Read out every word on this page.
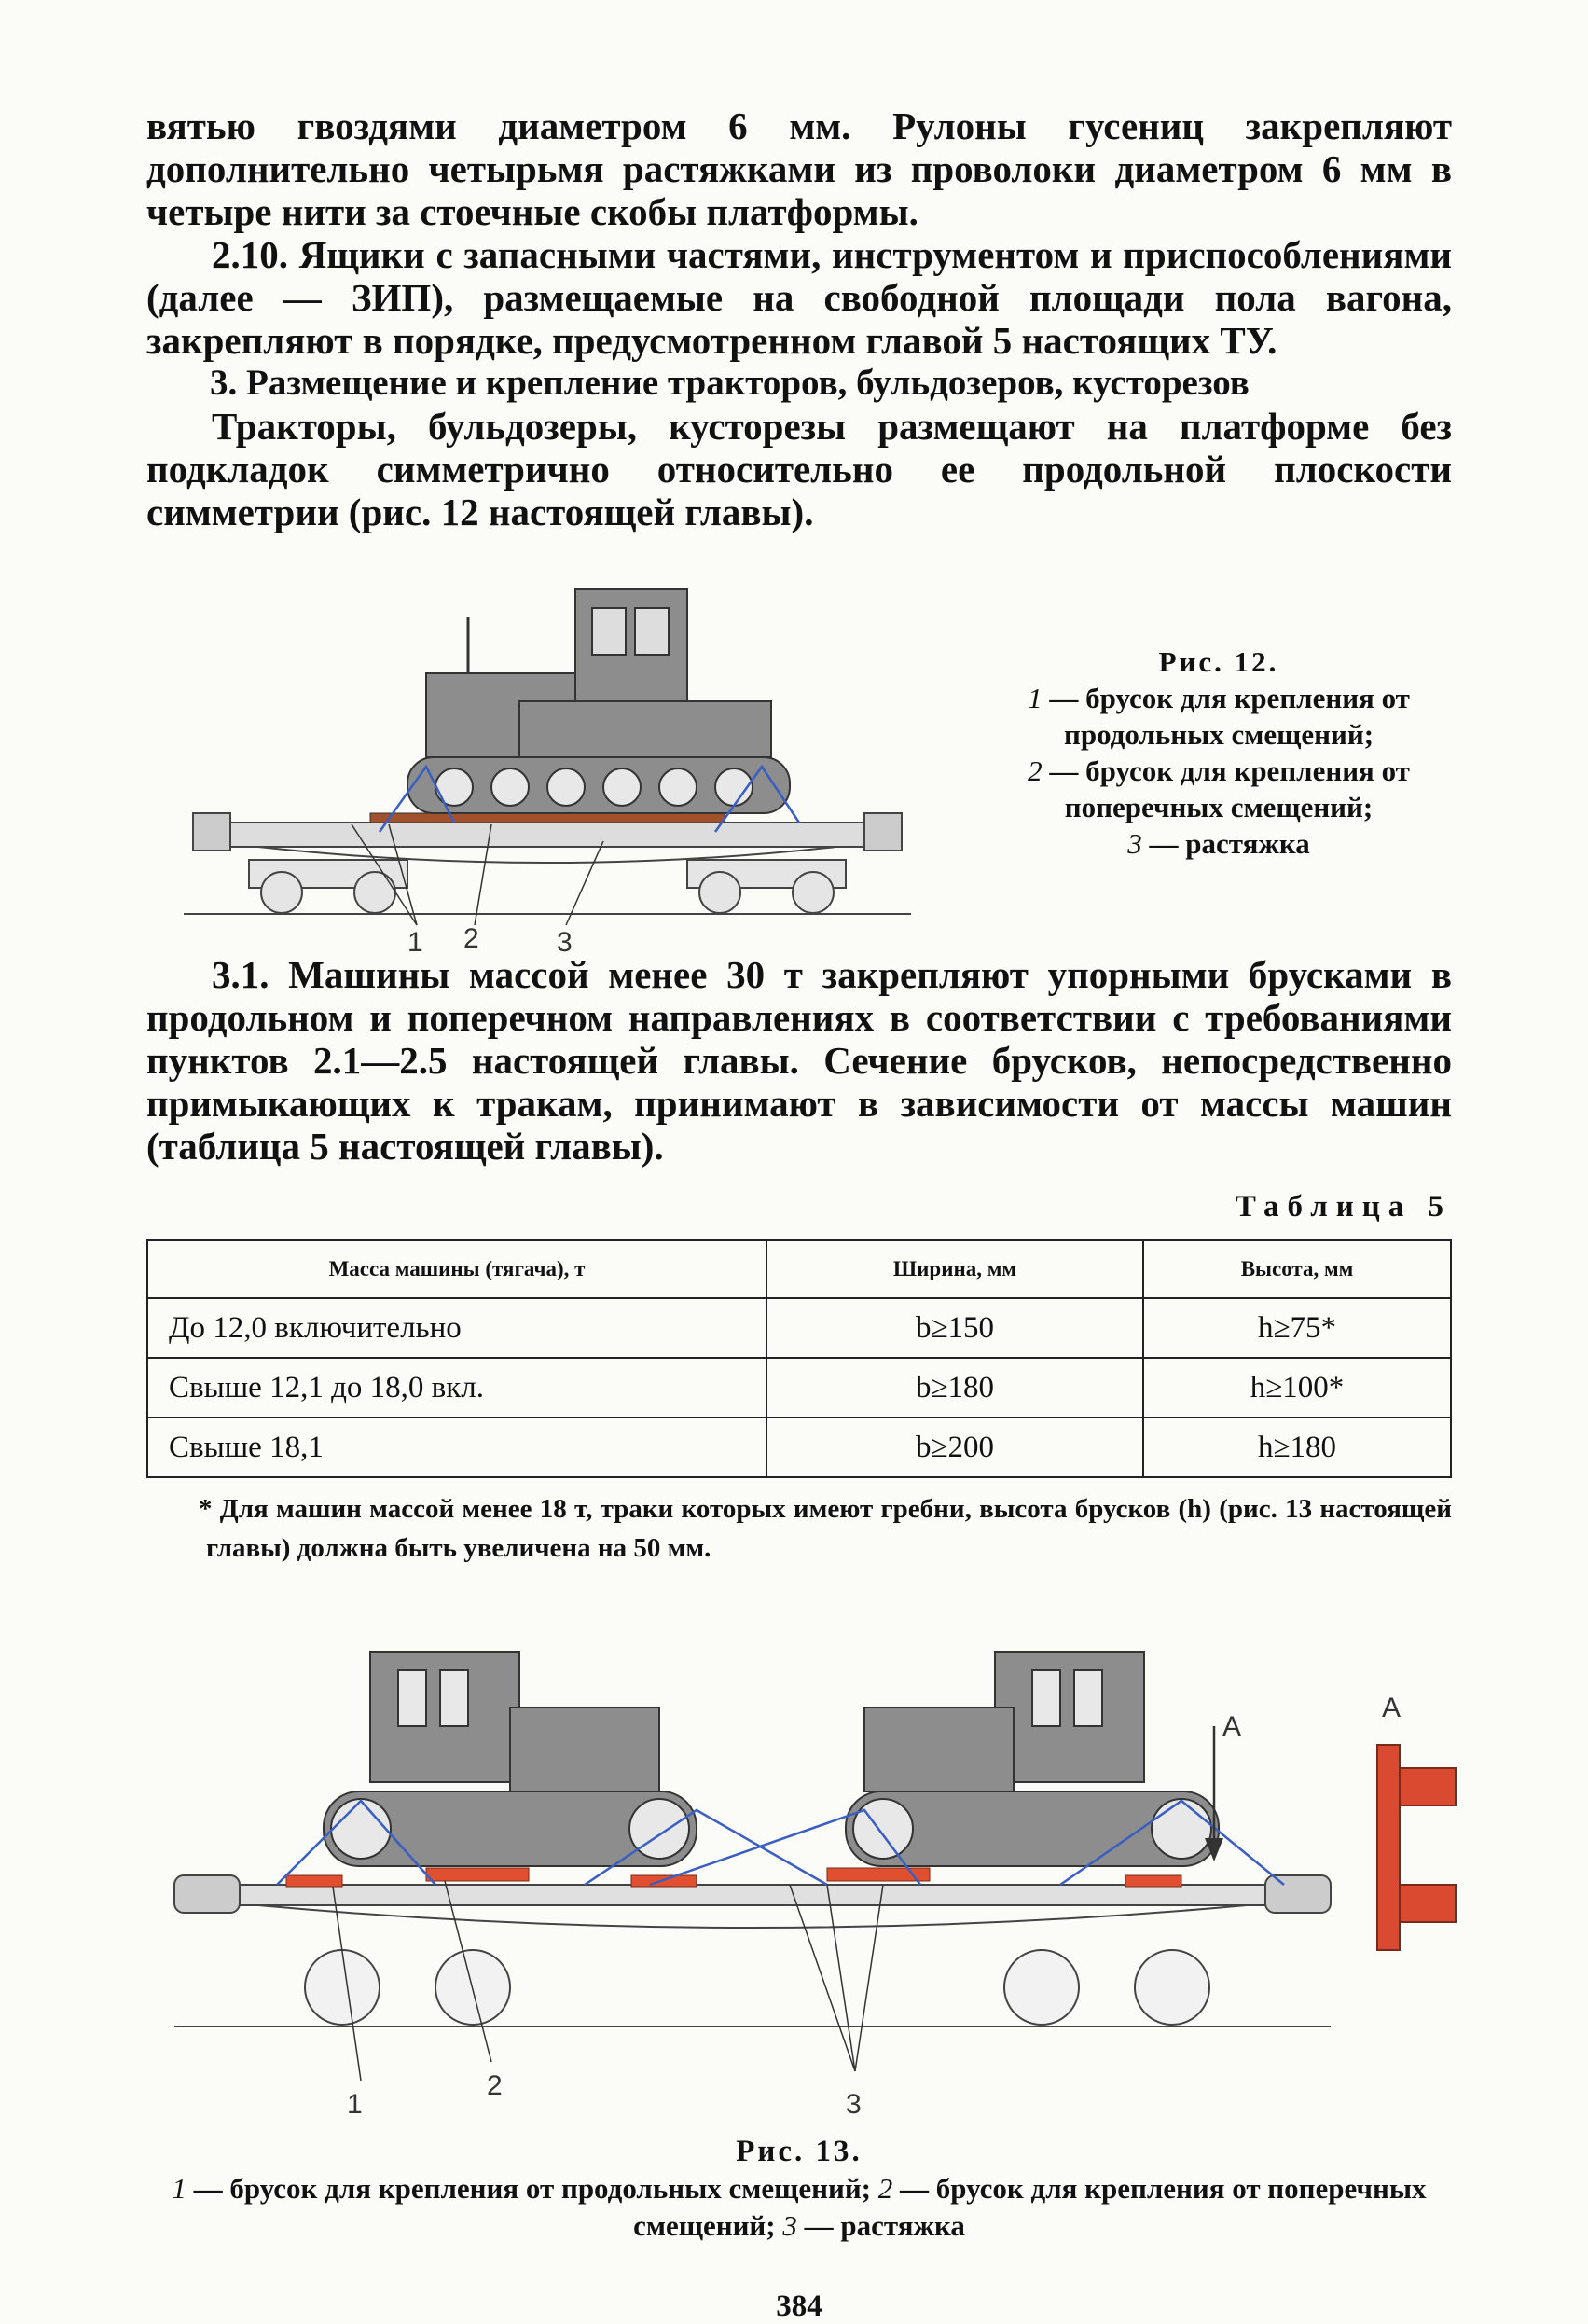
вятью гвоздями диаметром 6 мм. Рулоны гусениц закрепляют дополнительно четырьмя растяжками из проволоки диаметром 6 мм в четыре нити за стоечные скобы платформы.

2.10. Ящики с запасными частями, инструментом и приспособлениями (далее — ЗИП), размещаемые на свободной площади пола вагона, закрепляют в порядке, предусмотренном главой 5 настоящих ТУ.

3. Размещение и крепление тракторов, бульдозеров, кусторезов

Тракторы, бульдозеры, кусторезы размещают на платформе без подкладок симметрично относительно ее продольной плоскости симметрии (рис. 12 настоящей главы).

1 2	3
Рис. 12.
1 — брусок для крепления от продольных смещений;
2 — брусок для крепления от поперечных смещений;
3 — растяжка

3.1. Машины массой менее 30 т закрепляют упорными брусками в продольном и поперечном направлениях в соответствии с требованиями пунктов 2.1—2.5 настоящей главы. Сечение брусков, непосредственно примыкающих к тракам, принимают в зависимости от массы машин (таблица 5 настоящей главы).

Таблица 5
Масса машины (тягача), т	Ширина, мм	Высота, мм
До 12,0 включительно	b≥150	h≥75*
Свыше 12,1 до 18,0 вкл.	b≥180	h≥100*
Свыше 18,1	b≥200	h≥180
* Для машин массой менее 18 т, траки которых имеют гребни, высота брусков (h) (рис. 13 настоящей главы) должна быть увеличена на 50 мм.
A
A
1
2
3
Рис. 13.
1 — брусок для крепления от продольных смещений; 2 — брусок для крепления от поперечных смещений; 3 — растяжка
384
